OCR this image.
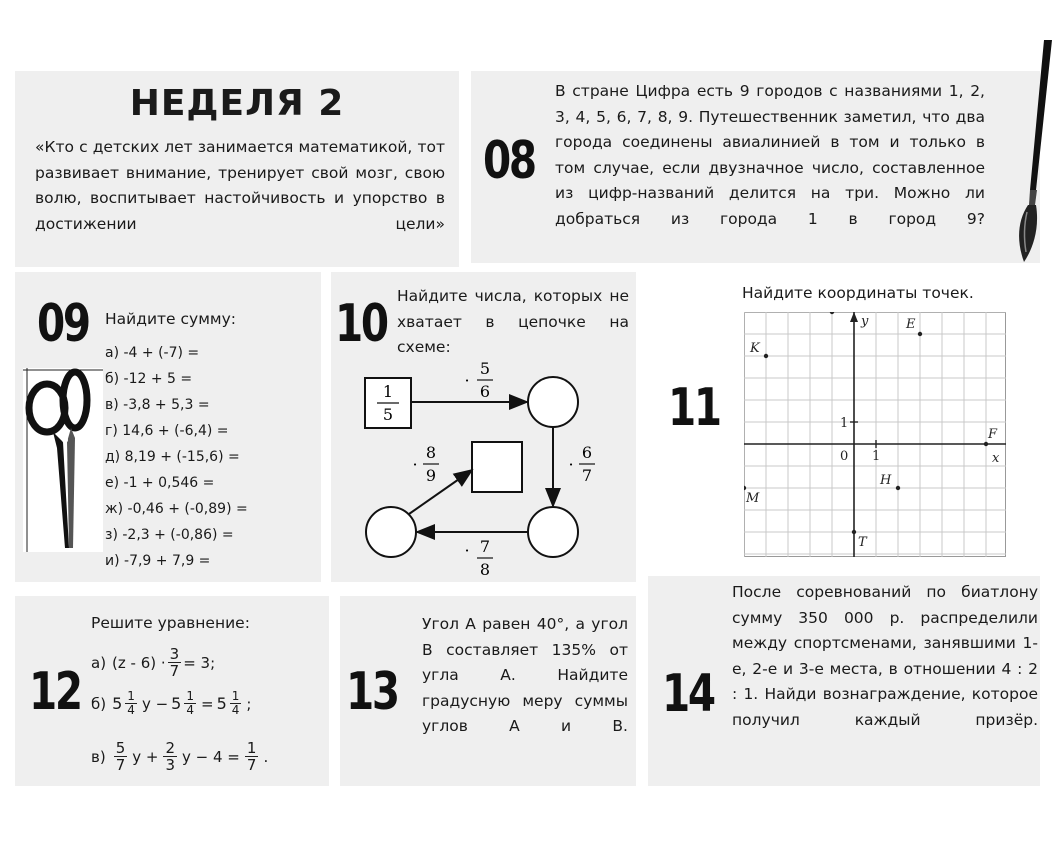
НЕДЕЛЯ 2
«Кто с детских лет занимается математикой, тот развивает внимание, тренирует свой мозг, свою волю, воспитывает настойчивость и упорство в достижении цели»
08
В стране Цифра есть 9 городов с названиями 1, 2, 3, 4, 5, 6, 7, 8, 9. Путешественник заметил, что два города соединены авиалинией в том и только в том случае, если двузначное число, составленное из цифр-названий делится на три. Можно ли добраться из города 1 в город 9?
09 Найдите сумму:
а) -4 + (-7) =
б) -12 + 5 =
в) -3,8 + 5,3 =
г) 14,6 + (-6,4) =
д) 8,19 + (-15,6) =
е) -1 + 0,546 =
ж) -0,46 + (-0,89) =
з) -2,3 + (-0,86) =
и) -7,9 + 7,9 =
10 Найдите числа, которых не хватает в цепочке на схеме:
1
5
·
5
6
·
6
7
· 7
8
·
8
9
11
Найдите координаты точек.
x
y
0 1
1
E
K
F
H
M
T
12
Решите уравнение:
а) $(z - 6) \cdot \frac{3}{7} = 3$;
б) $5 \frac{1}{4}$ $y - 5 \frac{1}{4} = 5 \frac{1}{4}$ ;
$в) \frac{5}{7}$ $y + \frac{2}{3}$ $y - 4 = \frac{1}{7}$ .
13
Угол А равен 40°, а угол В составляет 135% от угла А. Найдите градусную меру суммы углов А и В.
14
После соревнований по биатлону сумму 350 000 р. распределили между спортсменами, занявшими 1-е, 2-е и 3-е места, в отношении 4 : 2 : 1. Найди вознаграждение, которое получил каждый призёр.
